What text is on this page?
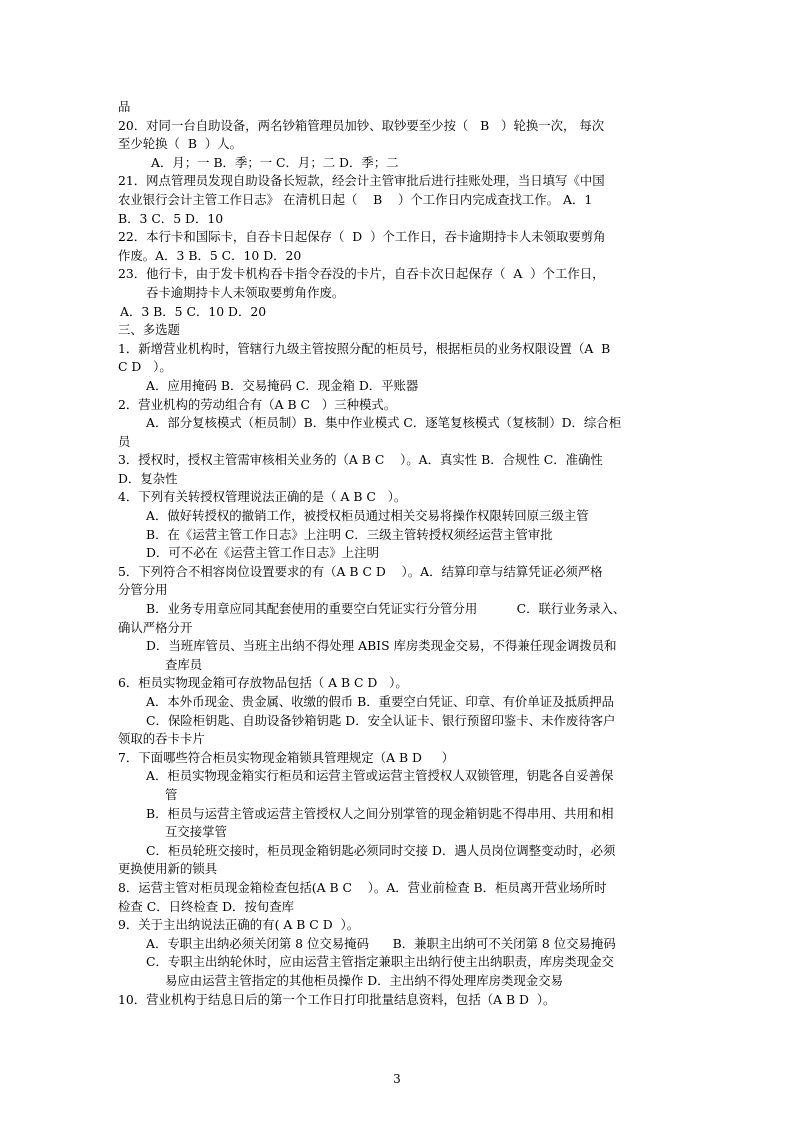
品
20．对同一台自助设备，两名钞箱管理员加钞、取钞要至少按（   B   ）轮换一次， 每次
至少轮换（  B  ）人。
A．月；一 B．季；一 C．月；二 D．季；二
21．网点管理员发现自助设备长短款，经会计主管审批后进行挂账处理，当日填写《中国
农业银行会计主管工作日志》 在清机日起（    B    ）个工作日内完成查找工作。 A．1
B．3 C．5 D．10
22．本行卡和国际卡，自吞卡日起保存（  D  ）个工作日，吞卡逾期持卡人未领取要剪角
作废。A．3 B．5 C．10 D．20
23．他行卡，由于发卡机构吞卡指令吞没的卡片，自吞卡次日起保存（  A  ）个工作日，
吞卡逾期持卡人未领取要剪角作废。
A．3 B．5 C．10 D．20
三、多选题
1．新增营业机构时，管辖行九级主管按照分配的柜员号，根据柜员的业务权限设置（A  B
C D   ）。
A．应用掩码 B．交易掩码 C．现金箱 D．平账器
2．营业机构的劳动组合有（A B C   ）三种模式。
A．部分复核模式（柜员制）B．集中作业模式 C．逐笔复核模式（复核制）D．综合柜
员
3．授权时，授权主管需审核相关业务的（A B C    ）。A．真实性 B．合规性 C．准确性
D．复杂性
4．下列有关转授权管理说法正确的是（ A B C   ）。
A．做好转授权的撤销工作，被授权柜员通过相关交易将操作权限转回原三级主管
B．在《运营主管工作日志》上注明 C．三级主管转授权须经运营主管审批
D．可不必在《运营主管工作日志》上注明
5．下列符合不相容岗位设置要求的有（A B C D    ）。A．结算印章与结算凭证必须严格
分管分用
B．业务专用章应同其配套使用的重要空白凭证实行分管分用          C．联行业务录入、
确认严格分开
D．当班库管员、当班主出纳不得处理 ABIS 库房类现金交易，不得兼任现金调拨员和
查库员
6．柜员实物现金箱可存放物品包括（ A B C D   ）。
A．本外币现金、贵金属、收缴的假币 B．重要空白凭证、印章、有价单证及抵质押品
C．保险柜钥匙、自助设备钞箱钥匙 D．安全认证卡、银行预留印鉴卡、未作废待客户
领取的吞卡卡片
7．下面哪些符合柜员实物现金箱锁具管理规定（A B D     ）
A．柜员实物现金箱实行柜员和运营主管或运营主管授权人双锁管理，钥匙各自妥善保
管
B．柜员与运营主管或运营主管授权人之间分别掌管的现金箱钥匙不得串用、共用和相
互交接掌管
C．柜员轮班交接时，柜员现金箱钥匙必须同时交接 D．遇人员岗位调整变动时，必须
更换使用新的锁具
8．运营主管对柜员现金箱检查包括(A B C    ）。A．营业前检查 B．柜员离开营业场所时
检查 C．日终检查 D．按旬查库
9．关于主出纳说法正确的有( A B C D  ）。
A．专职主出纳必须关闭第 8 位交易掩码      B．兼职主出纳可不关闭第 8 位交易掩码
C．专职主出纳轮休时，应由运营主管指定兼职主出纳行使主出纳职责，库房类现金交
易应由运营主管指定的其他柜员操作 D．主出纳不得处理库房类现金交易
10．营业机构于结息日后的第一个工作日打印批量结息资料，包括（A B D  ）。
3
